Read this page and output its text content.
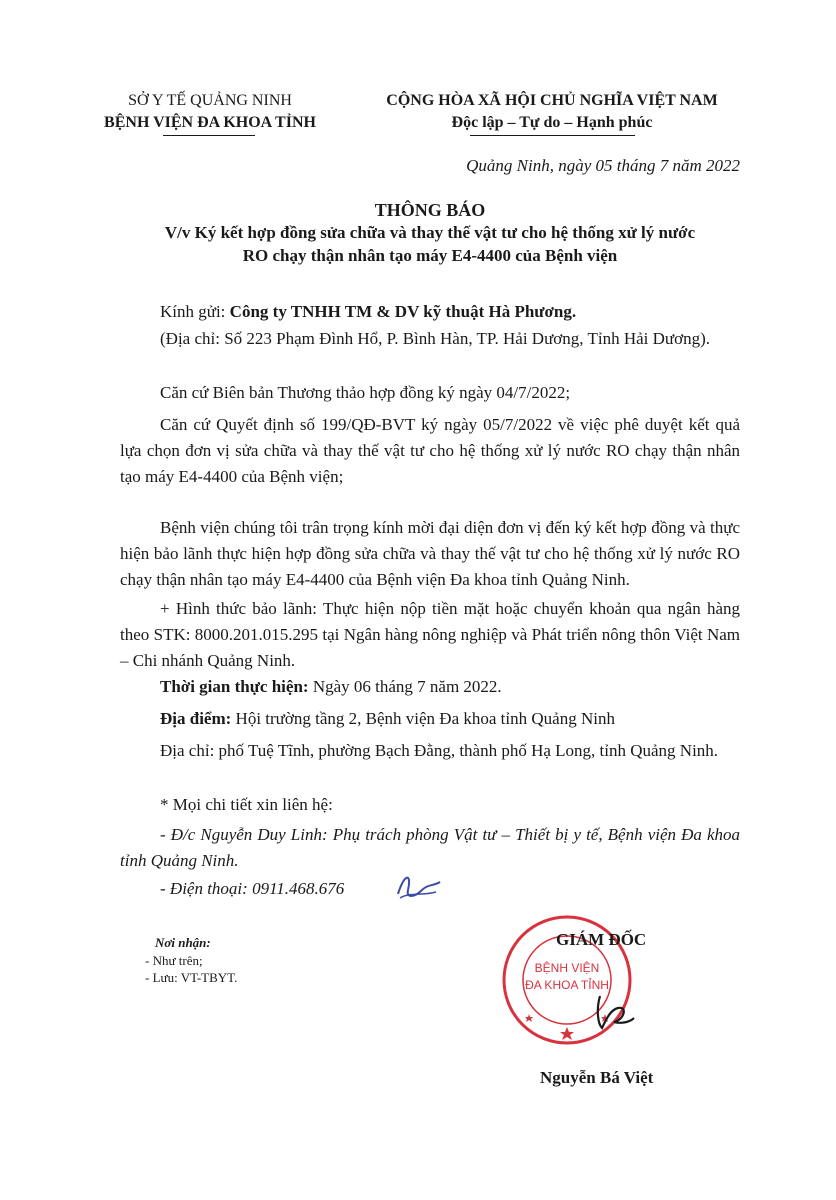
SỞ Y TẾ QUẢNG NINH
BỆNH VIỆN ĐA KHOA TỈNH
CỘNG HÒA XÃ HỘI CHỦ NGHĨA VIỆT NAM
Độc lập – Tự do – Hạnh phúc
Quảng Ninh, ngày 05 tháng 7 năm 2022
THÔNG BÁO
V/v Ký kết hợp đồng sửa chữa và thay thế vật tư cho hệ thống xử lý nước
RO chạy thận nhân tạo máy E4-4400 của Bệnh viện
Kính gửi: Công ty TNHH TM & DV kỹ thuật Hà Phương.
(Địa chỉ: Số 223 Phạm Đình Hổ, P. Bình Hàn, TP. Hải Dương, Tỉnh Hải Dương).
Căn cứ Biên bản Thương thảo hợp đồng ký ngày 04/7/2022;
Căn cứ Quyết định số 199/QĐ-BVT ký ngày 05/7/2022 về việc phê duyệt kết quả lựa chọn đơn vị sửa chữa và thay thế vật tư cho hệ thống xử lý nước RO chạy thận nhân tạo máy E4-4400 của Bệnh viện;
Bệnh viện chúng tôi trân trọng kính mời đại diện đơn vị đến ký kết hợp đồng và thực hiện bảo lãnh thực hiện hợp đồng sửa chữa và thay thế vật tư cho hệ thống xử lý nước RO chạy thận nhân tạo máy E4-4400 của Bệnh viện Đa khoa tỉnh Quảng Ninh.
+ Hình thức bảo lãnh: Thực hiện nộp tiền mặt hoặc chuyển khoản qua ngân hàng theo STK: 8000.201.015.295 tại Ngân hàng nông nghiệp và Phát triển nông thôn Việt Nam – Chi nhánh Quảng Ninh.
Thời gian thực hiện: Ngày 06 tháng 7 năm 2022.
Địa điểm: Hội trường tầng 2, Bệnh viện Đa khoa tỉnh Quảng Ninh
Địa chỉ: phố Tuệ Tĩnh, phường Bạch Đằng, thành phố Hạ Long, tỉnh Quảng Ninh.
* Mọi chi tiết xin liên hệ:
- Đ/c Nguyễn Duy Linh: Phụ trách phòng Vật tư – Thiết bị y tế, Bệnh viện Đa khoa tỉnh Quảng Ninh.
- Điện thoại: 0911.468.676
Nơi nhận:
- Như trên;
- Lưu: VT-TBYT.
BỆNH VIỆN
ĐA KHOA TỈNH
GIÁM ĐỐC
Nguyễn Bá Việt
